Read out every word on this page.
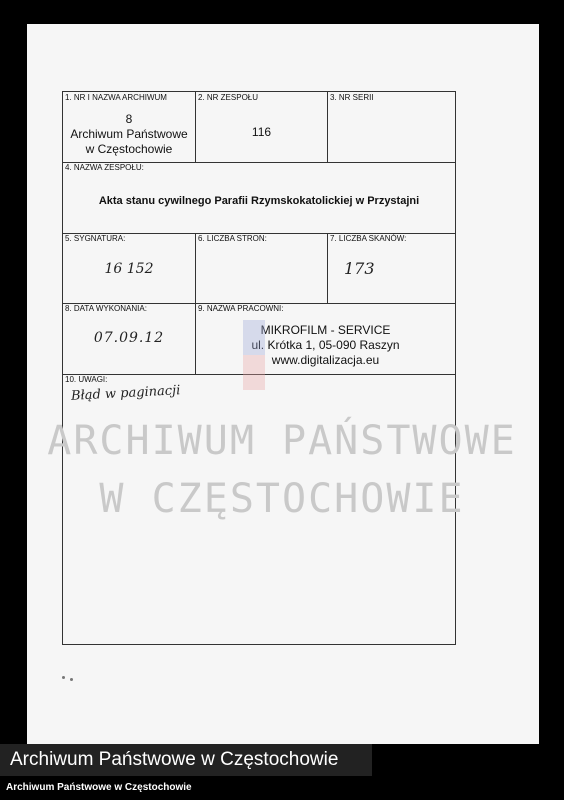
1. NR I NAZWA ARCHIWUM
8
Archiwum Państwowe
w Częstochowie
2. NR ZESPOŁU
116
3. NR SERII
4. NAZWA ZESPOŁU:
Akta stanu cywilnego Parafii Rzymskokatolickiej w Przystajni
5. SYGNATURA:
16 152
6. LICZBA STRON:	7. LICZBA SKANÓW:
173
8. DATA WYKONANIA:
07.09.12
9. NAZWA PRACOWNI:
MIKROFILM - SERVICE
ul. Krótka 1, 05-090 Raszyn
www.digitalizacja.eu
10. UWAGI:
Błąd w paginacji
ARCHIWUM PAŃSTWOWE
W CZĘSTOCHOWIE
Archiwum Państwowe w Częstochowie
Archiwum Państwowe w Częstochowie
